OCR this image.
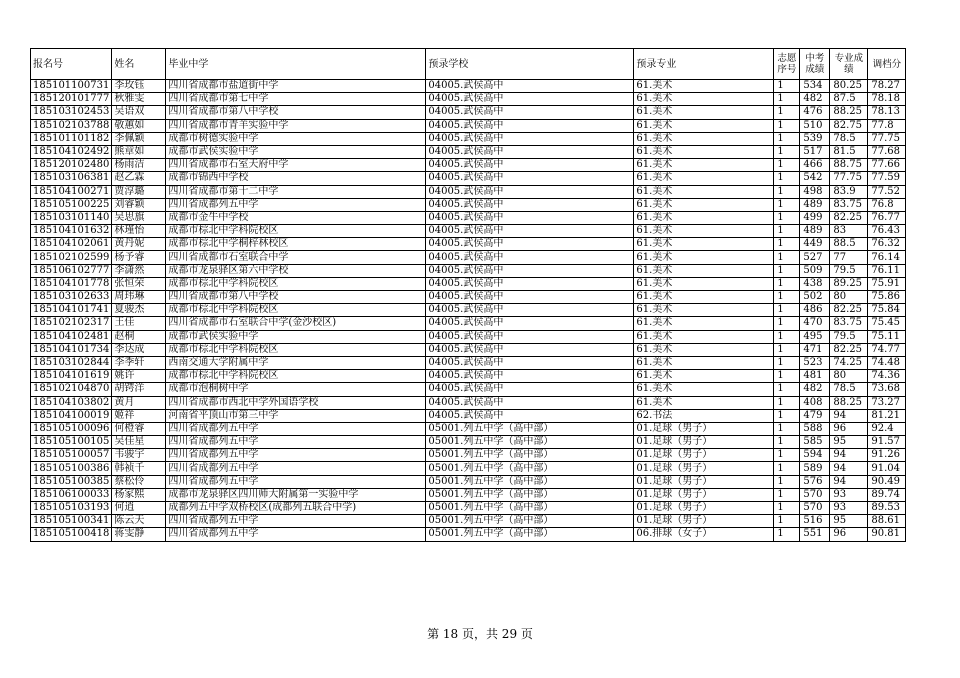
报名号	姓名	毕业中学	预录学校	预录专业	志愿序号	中考成绩	专业成绩	调档分
185101100731	李玫钰	四川省成都市盐道街中学	04005.武侯高中	61.美术	1	534	80.25	78.27
185120101777	秋雅雯	四川省成都市第七中学	04005.武侯高中	61.美术	1	482	87.5	78.18
185103102453	吴语双	四川省成都市第八中学校	04005.武侯高中	61.美术	1	476	88.25	78.13
185102103788	敬蕙如	四川省成都市青羊实验中学	04005.武侯高中	61.美术	1	510	82.75	77.8
185101101182	李佩颖	成都市树德实验中学	04005.武侯高中	61.美术	1	539	78.5	77.75
185104102492	熊章如	成都市武侯实验中学	04005.武侯高中	61.美术	1	517	81.5	77.68
185120102480	杨雨洁	四川省成都市石室天府中学	04005.武侯高中	61.美术	1	466	88.75	77.66
185103106381	赵乙霖	成都市锦西中学校	04005.武侯高中	61.美术	1	542	77.75	77.59
185104100271	贾淳璐	四川省成都市第十二中学	04005.武侯高中	61.美术	1	498	83.9	77.52
185105100225	刘睿颖	四川省成都列五中学	04005.武侯高中	61.美术	1	489	83.75	76.8
185103101140	吴思旗	成都市金牛中学校	04005.武侯高中	61.美术	1	499	82.25	76.77
185104101632	林瑾怡	成都市棕北中学科院校区	04005.武侯高中	61.美术	1	489	83	76.43
185104102061	黄丹妮	成都市棕北中学桐梓林校区	04005.武侯高中	61.美术	1	449	88.5	76.32
185102102599	杨予睿	四川省成都市石室联合中学	04005.武侯高中	61.美术	1	527	77	76.14
185106102777	李潇然	成都市龙泉驿区第六中学校	04005.武侯高中	61.美术	1	509	79.5	76.11
185104101778	张恒荣	成都市棕北中学科院校区	04005.武侯高中	61.美术	1	438	89.25	75.91
185103102633	周玮琳	四川省成都市第八中学校	04005.武侯高中	61.美术	1	502	80	75.86
185104101741	夏骏杰	成都市棕北中学科院校区	04005.武侯高中	61.美术	1	486	82.25	75.84
185102102317	王佳	四川省成都市石室联合中学(金沙校区)	04005.武侯高中	61.美术	1	470	83.75	75.45
185104102481	赵桐	成都市武侯实验中学	04005.武侯高中	61.美术	1	495	79.5	75.11
185104101734	李达成	成都市棕北中学科院校区	04005.武侯高中	61.美术	1	471	82.25	74.77
185103102844	李季轩	西南交通大学附属中学	04005.武侯高中	61.美术	1	523	74.25	74.48
185104101619	姚许	成都市棕北中学科院校区	04005.武侯高中	61.美术	1	481	80	74.36
185102104870	胡锷洋	成都市泡桐树中学	04005.武侯高中	61.美术	1	482	78.5	73.68
185104103802	黄月	四川省成都市西北中学外国语学校	04005.武侯高中	61.美术	1	408	88.25	73.27
185104100019	姬祥	河南省平顶山市第三中学	04005.武侯高中	62.书法	1	479	94	81.21
185105100096	何橙睿	四川省成都列五中学	05001.列五中学（高中部）	01.足球（男子）	1	588	96	92.4
185105100105	吴佳星	四川省成都列五中学	05001.列五中学（高中部）	01.足球（男子）	1	585	95	91.57
185105100057	韦骏宇	四川省成都列五中学	05001.列五中学（高中部）	01.足球（男子）	1	594	94	91.26
185105100386	韩祯千	四川省成都列五中学	05001.列五中学（高中部）	01.足球（男子）	1	589	94	91.04
185105100385	蔡松伶	四川省成都列五中学	05001.列五中学（高中部）	01.足球（男子）	1	576	94	90.49
185106100033	杨家熙	成都市龙泉驿区四川师大附属第一实验中学	05001.列五中学（高中部）	01.足球（男子）	1	570	93	89.74
185105103193	何逍	成都列五中学双桥校区(成都列五联合中学)	05001.列五中学（高中部）	01.足球（男子）	1	570	93	89.53
185105100341	陈云天	四川省成都列五中学	05001.列五中学（高中部）	01.足球（男子）	1	516	95	88.61
185105100418	蒋雯静	四川省成都列五中学	05001.列五中学（高中部）	06.排球（女子）	1	551	96	90.81
第 18 页，共 29 页
